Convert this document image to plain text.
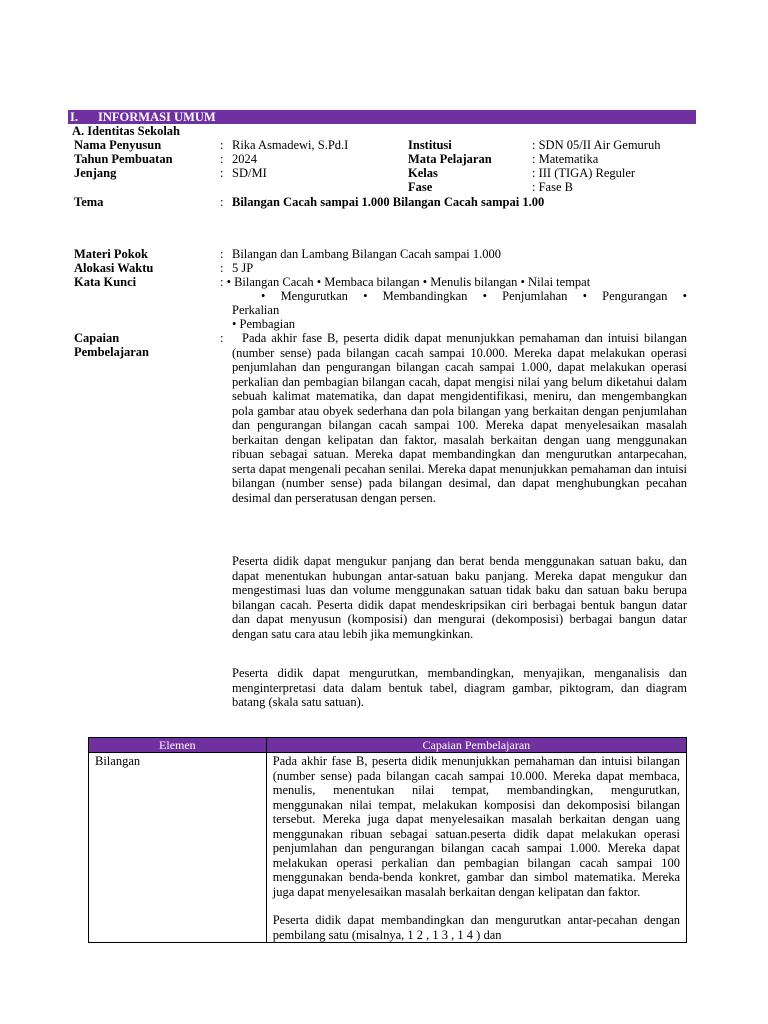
I. INFORMASI UMUM
A. Identitas Sekolah
Nama Penyusun	: Rika Asmadewi, S.Pd.I	Institusi	: SDN 05/II Air Gemuruh
Tahun Pembuatan	: 2024	Mata Pelajaran	: Matematika
Jenjang	: SD/MI	Kelas	: III (TIGA) Reguler
Fase	: Fase B
Tema	: Bilangan Cacah sampai 1.000 Bilangan Cacah sampai 1.00
Materi Pokok	: Bilangan dan Lambang Bilangan Cacah sampai 1.000
Alokasi Waktu	: 5 JP
Kata Kunci	: • Bilangan Cacah • Membaca bilangan • Menulis bilangan • Nilai tempat
• Mengurutkan • Membandingkan • Penjumlahan • Pengurangan •
Perkalian
• Pembagian
Capaian
Pembelajaran
:	Pada akhir fase B, peserta didik dapat menunjukkan pemahaman dan intuisi bilangan (number sense) pada bilangan cacah sampai 10.000. Mereka dapat melakukan operasi penjumlahan dan pengurangan bilangan cacah sampai 1.000, dapat melakukan operasi perkalian dan pembagian bilangan cacah, dapat mengisi nilai yang belum diketahui dalam sebuah kalimat matematika, dan dapat mengidentifikasi, meniru, dan mengembangkan pola gambar atau obyek sederhana dan pola bilangan yang berkaitan dengan penjumlahan dan pengurangan bilangan cacah sampai 100. Mereka dapat menyelesaikan masalah berkaitan dengan kelipatan dan faktor, masalah berkaitan dengan uang menggunakan ribuan sebagai satuan. Mereka dapat membandingkan dan mengurutkan antarpecahan, serta dapat mengenali pecahan senilai. Mereka dapat menunjukkan pemahaman dan intuisi bilangan (number sense) pada bilangan desimal, dan dapat menghubungkan pecahan desimal dan perseratusan dengan persen.

Peserta didik dapat mengukur panjang dan berat benda menggunakan satuan baku, dan dapat menentukan hubungan antar-satuan baku panjang. Mereka dapat mengukur dan mengestimasi luas dan volume menggunakan satuan tidak baku dan satuan baku berupa bilangan cacah. Peserta didik dapat mendeskripsikan ciri berbagai bentuk bangun datar dan dapat menyusun (komposisi) dan mengurai (dekomposisi) berbagai bangun datar dengan satu cara atau lebih jika memungkinkan.

Peserta didik dapat mengurutkan, membandingkan, menyajikan, menganalisis dan menginterpretasi data dalam bentuk tabel, diagram gambar, piktogram, dan diagram batang (skala satu satuan).

Elemen	Capaian Pembelajaran
Bilangan	Pada akhir fase B, peserta didik menunjukkan pemahaman dan intuisi bilangan (number sense) pada bilangan cacah sampai 10.000. Mereka dapat membaca, menulis, menentukan nilai tempat, membandingkan, mengurutkan, menggunakan nilai tempat, melakukan komposisi dan dekomposisi bilangan tersebut. Mereka juga dapat menyelesaikan masalah berkaitan dengan uang menggunakan ribuan sebagai satuan.peserta didik dapat melakukan operasi penjumlahan dan pengurangan bilangan cacah sampai 1.000. Mereka dapat melakukan operasi perkalian dan pembagian bilangan cacah sampai 100 menggunakan benda-benda konkret, gambar dan simbol matematika. Mereka juga dapat menyelesaikan masalah berkaitan dengan kelipatan dan faktor.
Peserta didik dapat membandingkan dan mengurutkan antar-pecahan dengan pembilang satu (misalnya, 1 2 , 1 3 , 1 4 ) dan
